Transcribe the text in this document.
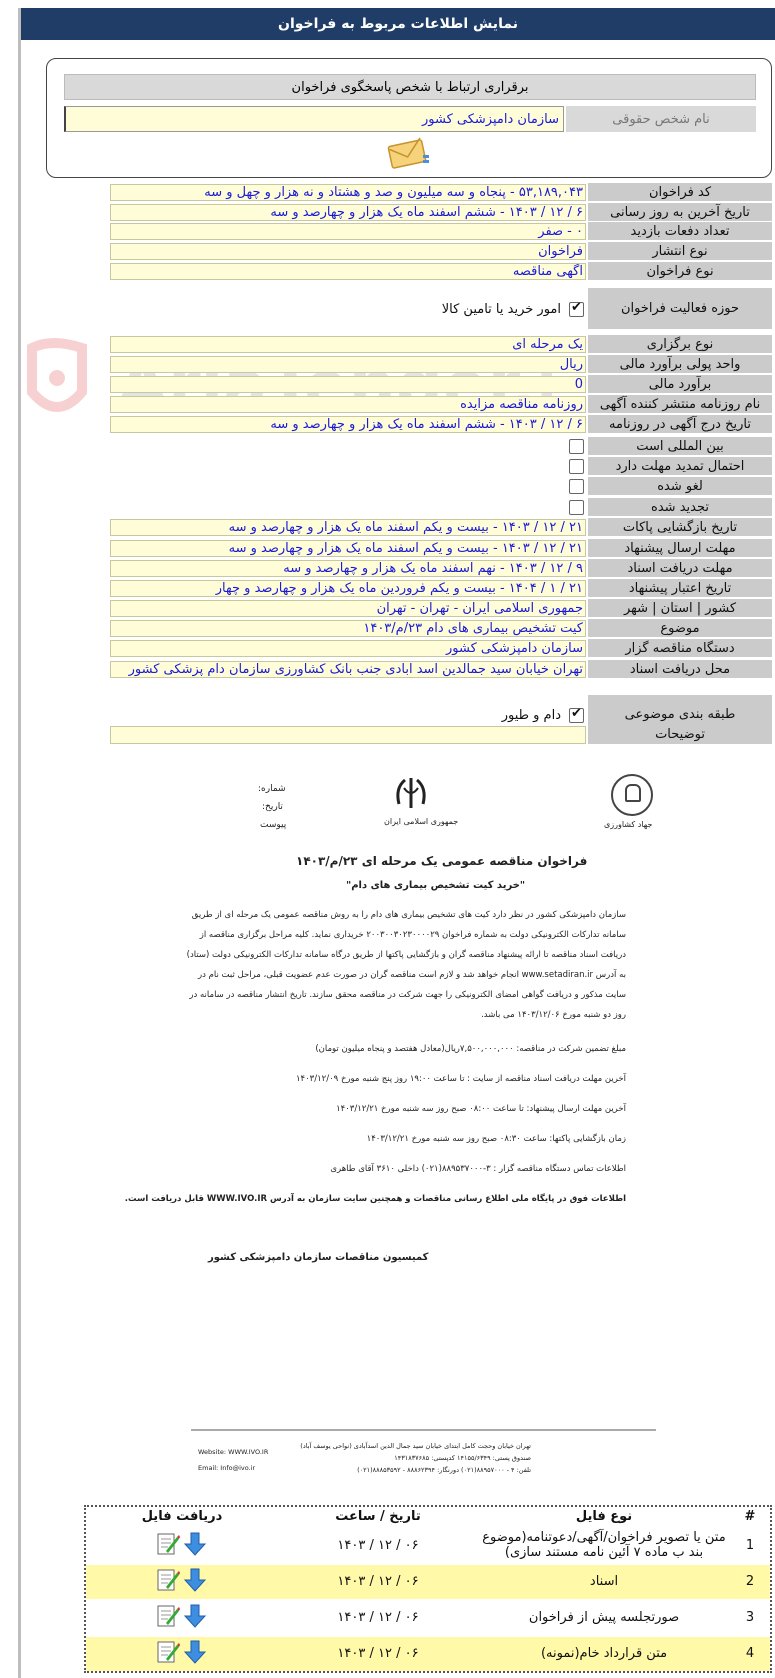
نمایش اطلاعات مربوط به فراخوان
برقراری ارتباط با شخص پاسخگوی فراخوان
نام شخص حقوقی
سازمان دامپزشکی کشور
کد فراخوان
۵۳,۱۸۹,۰۴۳ - پنجاه و سه میلیون و صد و هشتاد و نه هزار و چهل و سه
تاریخ آخرین به روز رسانی
۶ / ۱۲ / ۱۴۰۳ - ششم اسفند ماه یک هزار و چهارصد و سه
تعداد دفعات بازدید
۰ - صفر
نوع انتشار
فراخوان
نوع فراخوان
آگهی مناقصه
حوزه فعالیت فراخوان
✔
امور خرید یا تامین کالا
نوع برگزاری
یک مرحله ای
واحد پولی برآورد مالی
ریال
برآورد مالی
0
نام روزنامه منتشر کننده آگهی
روزنامه مناقصه مزایده
تاریخ درج آگهی در روزنامه
۶ / ۱۲ / ۱۴۰۳ - ششم اسفند ماه یک هزار و چهارصد و سه
بین المللی است
احتمال تمدید مهلت دارد
لغو شده
تجدید شده
تاریخ بازگشایی پاکات
۲۱ / ۱۲ / ۱۴۰۳ - بیست و یکم اسفند ماه یک هزار و چهارصد و سه
مهلت ارسال پیشنهاد
۲۱ / ۱۲ / ۱۴۰۳ - بیست و یکم اسفند ماه یک هزار و چهارصد و سه
مهلت دریافت اسناد
۹ / ۱۲ / ۱۴۰۳ - نهم اسفند ماه یک هزار و چهارصد و سه
تاریخ اعتبار پیشنهاد
۲۱ / ۱ / ۱۴۰۴ - بیست و یکم فروردین ماه یک هزار و چهارصد و چهار
کشور | استان | شهر
جمهوری اسلامی ایران - تهران - تهران
موضوع
کیت تشخیص بیماری های دام ۲۳/م/۱۴۰۳
دستگاه مناقصه گزار
سازمان دامپزشکی کشور
محل دریافت اسناد
تهران خیابان سید جمالدین اسد ابادی جنب بانک کشاورزی سازمان دام پزشکی کشور
طبقه بندی موضوعی
✔
دام و طیور
توضیحات
جهاد کشاورزی
جمهوری اسلامی ایران
شماره:
تاریخ:
پیوست
فراخوان مناقصه عمومی یک مرحله ای ۲۳/م/۱۴۰۳
"خرید کیت تشخیص بیماری های دام"
سازمان دامپزشکی کشور در نظر دارد کیت های تشخیص بیماری های دام را به روش مناقصه عمومی یک مرحله ای از طریق
سامانه تدارکات الکترونیکی دولت به شماره فراخوان ۲۰۰۳۰۰۳۰۲۳۰۰۰۰۲۹ خریداری نماید. کلیه مراحل برگزاری مناقصه از
دریافت اسناد مناقصه تا ارائه پیشنهاد مناقصه گران و بازگشایی پاکتها از طریق درگاه سامانه تدارکات الکترونیکی دولت (ستاد)
به آدرس www.setadiran.ir انجام خواهد شد و لازم است مناقصه گران در صورت عدم عضویت قبلی، مراحل ثبت نام در
سایت مذکور و دریافت گواهی امضای الکترونیکی را جهت شرکت در مناقصه محقق سازند. تاریخ انتشار مناقصه در سامانه در
روز دو شنبه مورخ ۱۴۰۳/۱۲/۰۶ می باشد.
مبلغ تضمین شرکت در مناقصه: ۷,۵۰۰,۰۰۰,۰۰۰ریال(معادل هفتصد و پنجاه میلیون تومان)
آخرین مهلت دریافت اسناد مناقصه از سایت : تا ساعت ۱۹:۰۰ روز پنج شنبه مورخ ۱۴۰۳/۱۲/۰۹
آخرین مهلت ارسال پیشنهاد: تا ساعت ۰۸:۰۰ صبح روز سه شنبه مورخ ۱۴۰۳/۱۲/۲۱
زمان بازگشایی پاکتها: ساعت ۰۸:۳۰ صبح روز سه شنبه مورخ ۱۴۰۳/۱۲/۲۱
اطلاعات تماس دستگاه مناقصه گزار : ۳-۸۸۹۵۳۷۰۰۰(۰۲۱) داخلی ۳۶۱۰ آقای طاهری
اطلاعات فوق در پایگاه ملی اطلاع رسانی مناقصات و همچنین سایت سازمان به آدرس WWW.IVO.IR قابل دریافت است.
کمیسیون مناقصات سازمان دامپزشکی کشور
تهران خیابان وحجت کامل ابتدای خیابان سید جمال الدین اسدآبادی (نواحی یوسف آباد)
صندوق پستی: ۱۴۱۵۵/۶۳۴۹ کدپستی: ۱۴۳۱۸۳۷۶۸۵
تلفن: ۴ - ۸۸۹۵۷۰۰۰(۰۲۱) دورنگار: ۸۸۸۶۲۳۹۴ - ۸۸۸۵۳۵۹۲(۰۲۱)
Website: WWW.IVO.IR
Email: Info@ivo.ir
#
نوع فایل
تاریخ / ساعت
دریافت فایل
1
متن یا تصویر فراخوان/آگهی/دعوتنامه(موضوع بند ب ماده ۷ آئین نامه مستند سازی)
۰۶ / ۱۲ / ۱۴۰۳
2
اسناد
۰۶ / ۱۲ / ۱۴۰۳
3
صورتجلسه پیش از فراخوان
۰۶ / ۱۲ / ۱۴۰۳
4
متن قرارداد خام(نمونه)
۰۶ / ۱۲ / ۱۴۰۳
